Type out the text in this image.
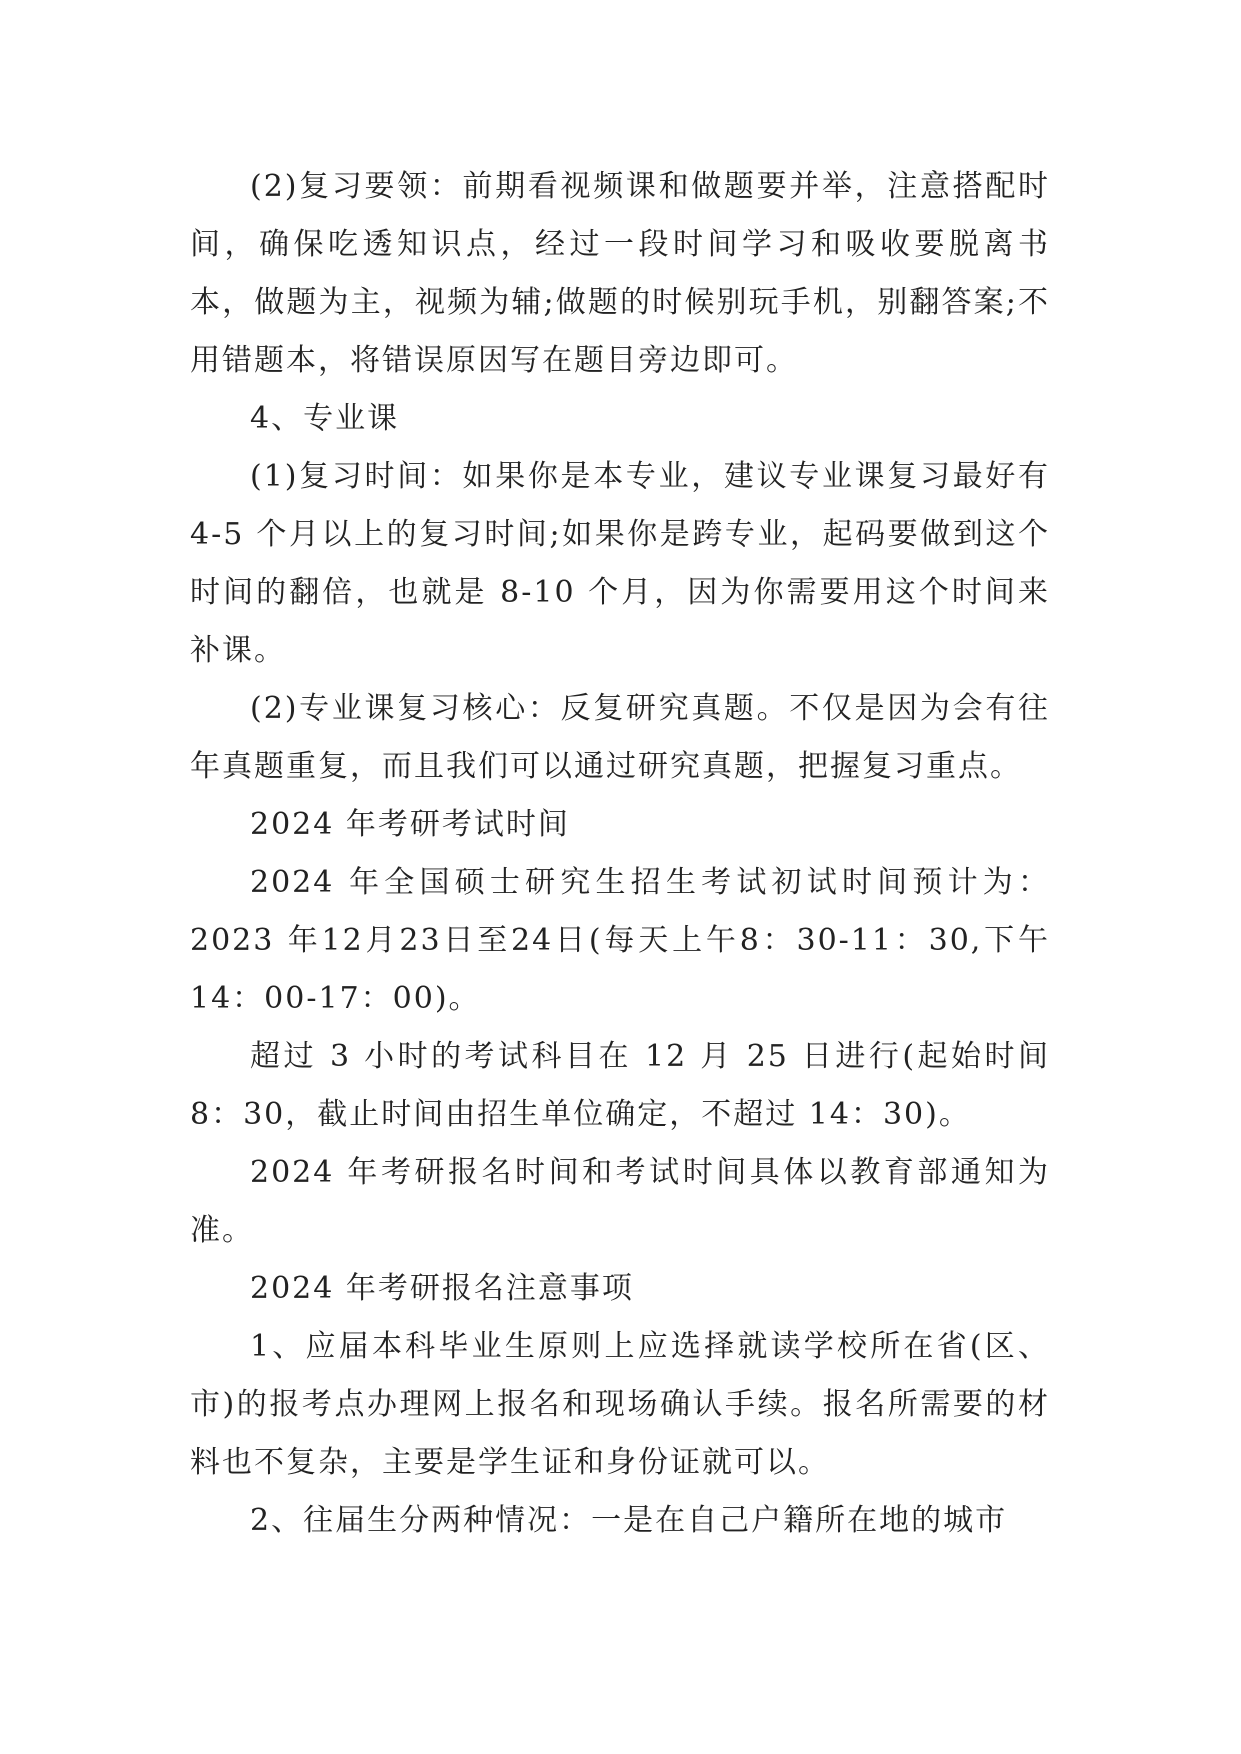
(2)复习要领：前期看视频课和做题要并举，注意搭配时间，确保吃透知识点，经过一段时间学习和吸收要脱离书本，做题为主，视频为辅;做题的时候别玩手机，别翻答案;不用错题本，将错误原因写在题目旁边即可。

4、专业课

(1)复习时间：如果你是本专业，建议专业课复习最好有 4-5 个月以上的复习时间;如果你是跨专业，起码要做到这个时间的翻倍，也就是 8-10 个月，因为你需要用这个时间来补课。

(2)专业课复习核心：反复研究真题。不仅是因为会有往年真题重复，而且我们可以通过研究真题，把握复习重点。

2024 年考研考试时间

2024 年全国硕士研究生招生考试初试时间预计为：2023 年12月23日至24日(每天上午8：30-11：30,下午14：00-17：00)。

超过 3 小时的考试科目在 12 月 25 日进行(起始时间 8：30，截止时间由招生单位确定，不超过 14：30)。

2024 年考研报名时间和考试时间具体以教育部通知为准。

2024 年考研报名注意事项

1、应届本科毕业生原则上应选择就读学校所在省(区、市)的报考点办理网上报名和现场确认手续。报名所需要的材料也不复杂，主要是学生证和身份证就可以。

2、往届生分两种情况：一是在自己户籍所在地的城市
